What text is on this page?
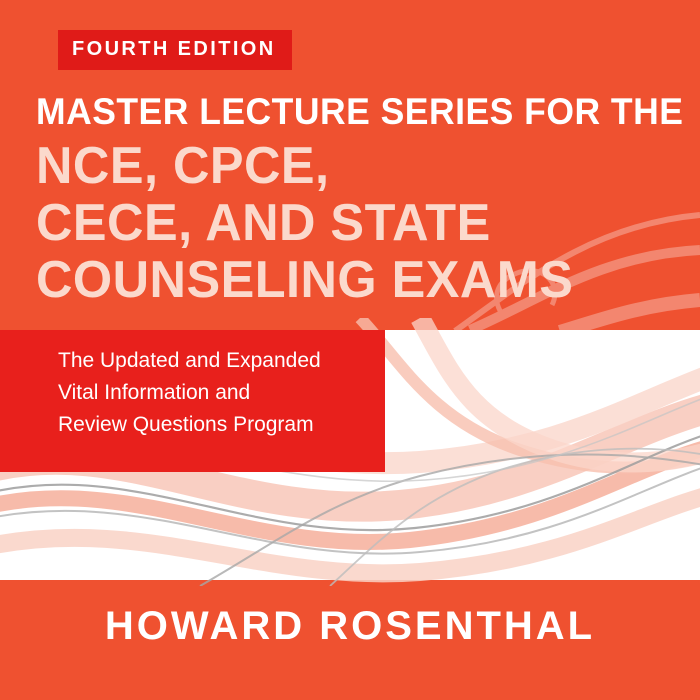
FOURTH EDITION
MASTER LECTURE SERIES FOR THE
NCE, CPCE,
CECE, AND STATE
COUNSELING EXAMS
The Updated and Expanded
Vital Information and
Review Questions Program
HOWARD ROSENTHAL
